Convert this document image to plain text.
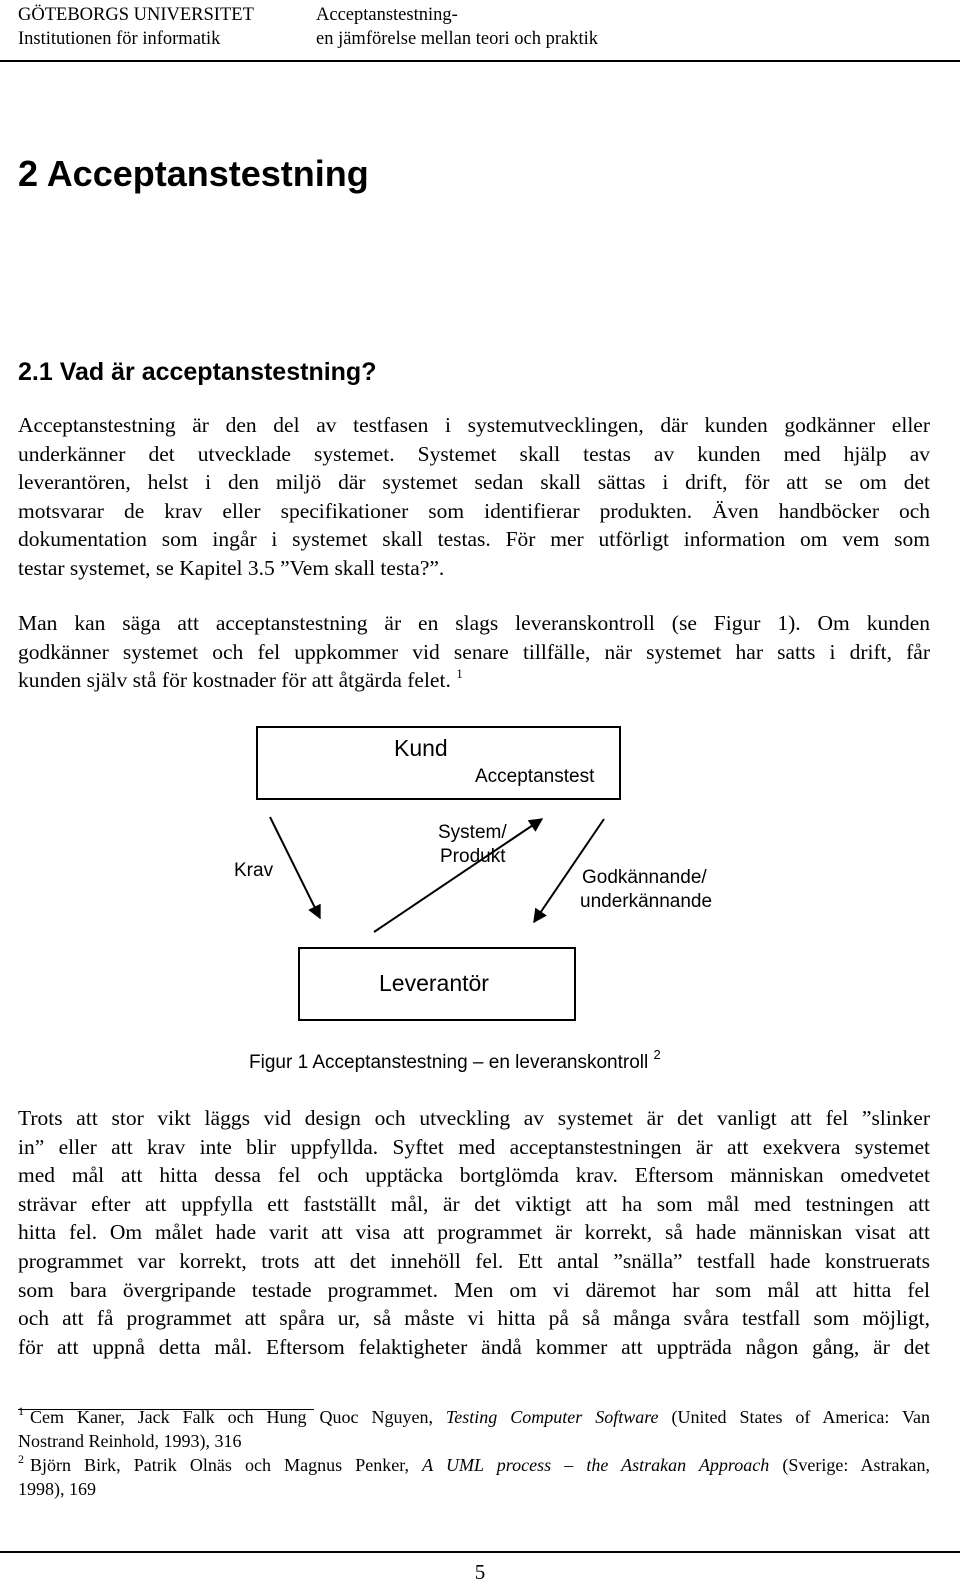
GÖTEBORGS UNIVERSITET
Institutionen för informatik
Acceptanstestning-
en jämförelse mellan teori och praktik
2 Acceptanstestning
2.1 Vad är acceptanstestning?
Acceptanstestning är den del av testfasen i systemutvecklingen, där kunden godkänner eller
underkänner det utvecklade systemet. Systemet skall testas av kunden med hjälp av
leverantören, helst i den miljö där systemet sedan skall sättas i drift, för att se om det
motsvarar de krav eller specifikationer som identifierar produkten. Även handböcker och
dokumentation som ingår i systemet skall testas. För mer utförligt information om vem som
testar systemet, se Kapitel 3.5 ”Vem skall testa?”.
Man kan säga att acceptanstestning är en slags leveranskontroll (se Figur 1). Om kunden
godkänner systemet och fel uppkommer vid senare tillfälle, när systemet har satts i drift, får
kunden själv stå för kostnader för att åtgärda felet. $^1$
Kund
Acceptanstest
Krav
System/
Produkt
Godkännande/
underkännande
Leverantör
Figur 1 Acceptanstestning – en leveranskontroll $^2$
Trots att stor vikt läggs vid design och utveckling av systemet är det vanligt att fel ”slinker
in” eller att krav inte blir uppfyllda. Syftet med acceptanstestningen är att exekvera systemet
med mål att hitta dessa fel och upptäcka bortglömda krav. Eftersom människan omedvetet
strävar efter att uppfylla ett fastställt mål, är det viktigt att ha som mål med testningen att
hitta fel. Om målet hade varit att visa att programmet är korrekt, så hade människan visat att
programmet var korrekt, trots att det innehöll fel. Ett antal ”snälla” testfall hade konstruerats
som bara övergripande testade programmet. Men om vi däremot har som mål att hitta fel
och att få programmet att spåra ur, så måste vi hitta på så många svåra testfall som möjligt,
för att uppnå detta mål. Eftersom felaktigheter ändå kommer att uppträda någon gång, är det
$^1$ Cem Kaner, Jack Falk och Hung Quoc Nguyen, Testing Computer Software (United States of America: Van
Nostrand Reinhold, 1993), 316
$^2$ Björn Birk, Patrik Olnäs och Magnus Penker, A UML process – the Astrakan Approach (Sverige: Astrakan,
1998), 169
5
